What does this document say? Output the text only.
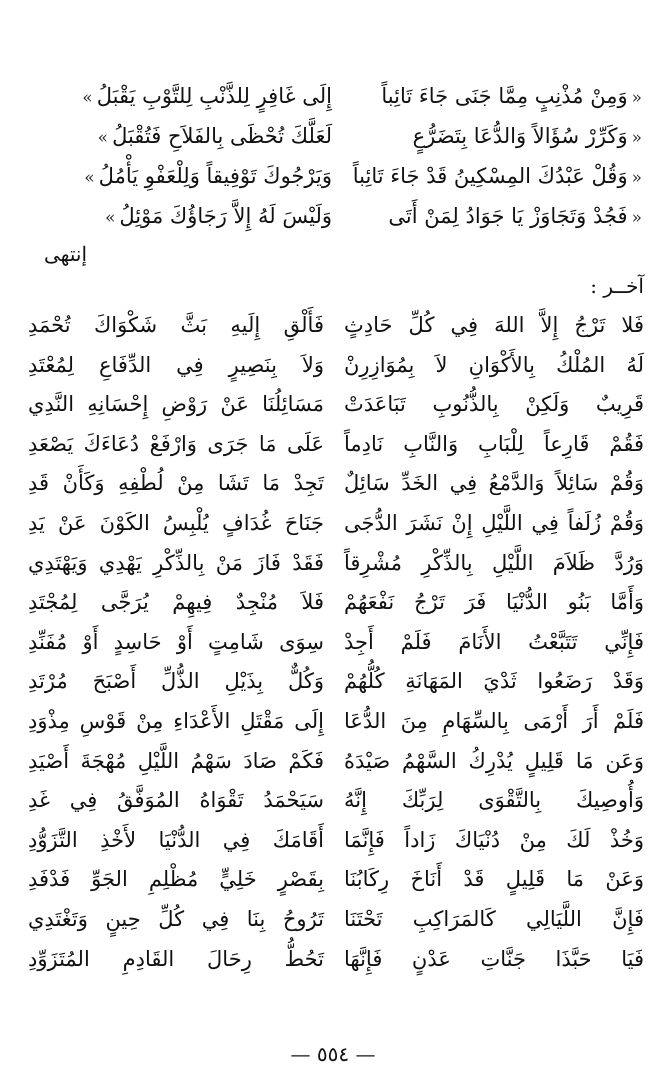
«وَمِنْ مُذْنِبٍ مِمَّا جَنَى جَاءَ تَائِباً
إِلَى غَافِرٍ لِلذَّنْبِ لِلتَّوْبِ يَقْبَلُ»
«وَكَرِّرْ سُؤَالاً وَالدُّعَا بِتَضَرُّعٍ
لَعَلَّكَ تُحْظَى بِالفَلاَحِ فَتُقْبَلُ»
«وَقُلْ عَبْدُكَ المِسْكِينُ قَدْ جَاءَ تَائِباً
وَيَرْجُوكَ تَوْفِيقاً وَلِلْعَفْوِ يَأْمُلُ»
«فَجُدْ وَتَجَاوَزْ يَا جَوَادُ لِمَنْ أَتَى
وَلَيْسَ لَهُ إِلاَّ رَجَاؤُكَ مَوْئِلُ»
إنتهى
آخــر :
فَلا تَرْجُ إِلاَّ اللهَ فِي كُلِّ حَادِثٍ
فَأَلْقِ إِلَيهِ بَثَّ شَكْوَاكَ تُحْمَدِ
لَهُ المُلْكُ بِالأَكْوَانِ لاَ بِمُوَازِرِنْ
وَلاَ بِنَصِيرٍ فِي الدِّفَاعِ لِمُعْتَدِ
قَرِيبٌ وَلَكِنْ بِالذُّنُوبِ تَبَاعَدَتْ
مَسَائِلُنَا عَنْ رَوْضِ إِحْسَانِهِ النَّدِي
فَقُمْ قَارِعاً لِلْبَابِ وَالنَّابِ نَادِماً
عَلَى مَا جَرَى وَارْفَعْ دُعَاءَكَ يَصْعَدِ
وَقُمْ سَائِلاً وَالدَّمْعُ فِي الخَدِّ سَائِلٌ
تَجِدْ مَا تَشَا مِنْ لُطْفِهِ وَكَأَنْ قَدِ
وَقُمْ زُلَفاً فِي اللَّيْلِ إِنْ نَشَرَ الدُّجَى
جَنَاحَ غُدَافٍ يُلْبِسُ الكَوْنَ عَنْ يَدِ
وَرُدَّ ظَلاَمَ اللَّيْلِ بِالذِّكْرِ مُشْرِقاً
فَقَدْ فَازَ مَنْ بِالذِّكْرِ يَهْدِي وَيَهْتَدِي
وَأَمَّا بَنُو الدُّنْيَا فَرَ تَرْجُ نَفْعَهُمْ
فَلاَ مُنْجِدٌ فِيهِمْ يُرَجَّى لِمُجْتَدِ
فَإِنِّي تَتَبَّعْتُ الأَنَامَ فَلَمْ أَجِدْ
سِوَى شَامِتٍ أَوْ حَاسِدٍ أَوْ مُفَنِّدِ
وَقَدْ رَضَعُوا ثَدْيَ المَهَانَةِ كُلُّهُمْ
وَكُلٌّ بِذَيْلِ الذُّلِّ أَصْبَحَ مُرْتَدِ
فَلَمْ أَرَ أَرْمَى بِالسِّهَامِ مِنَ الدُّعَا
إِلَى مَقْتَلِ الأَعْدَاءِ مِنْ قَوْسِ مِذْوَدِ
وَعَن مَا قَلِيلٍ يُدْرِكُ السَّهْمُ صَيْدَهُ
فَكَمْ صَادَ سَهْمُ اللَّيْلِ مُهْجَةَ أَصْيَدِ
وَأُوصِيكَ بِالتَّقْوَى لِرَبِّكَ إِنَّهُ
سَيَحْمَدُ تَقْوَاهُ المُوَفَّقُ فِي غَدِ
وَخُذْ لَكَ مِنْ دُنْيَاكَ زَاداً فَإِنَّمَا
أَقَامَكَ فِي الدُّنْيَا لأَخْذِ التَّزَوُّدِ
وَعَنْ مَا قَلِيلٍ قَدْ أَنَاخَ رِكَابُنَا
بِقَصْرٍ خَلِيٍّ مُظْلِمِ الجَوِّ فَدْفَدِ
فَإِنَّ اللَّيَالِي كَالمَرَاكِبِ تَحْتَنَا
تَرُوحُ بِنَا فِي كُلِّ حِينٍ وَتَغْتَدِي
فَيَا حَبَّذَا جَنَّاتِ عَدْنٍ فَإِنَّهَا
تَحُطُّ رِحَالَ القَادِمِ المُتَزَوِّدِ
— ٥٥٤ —
